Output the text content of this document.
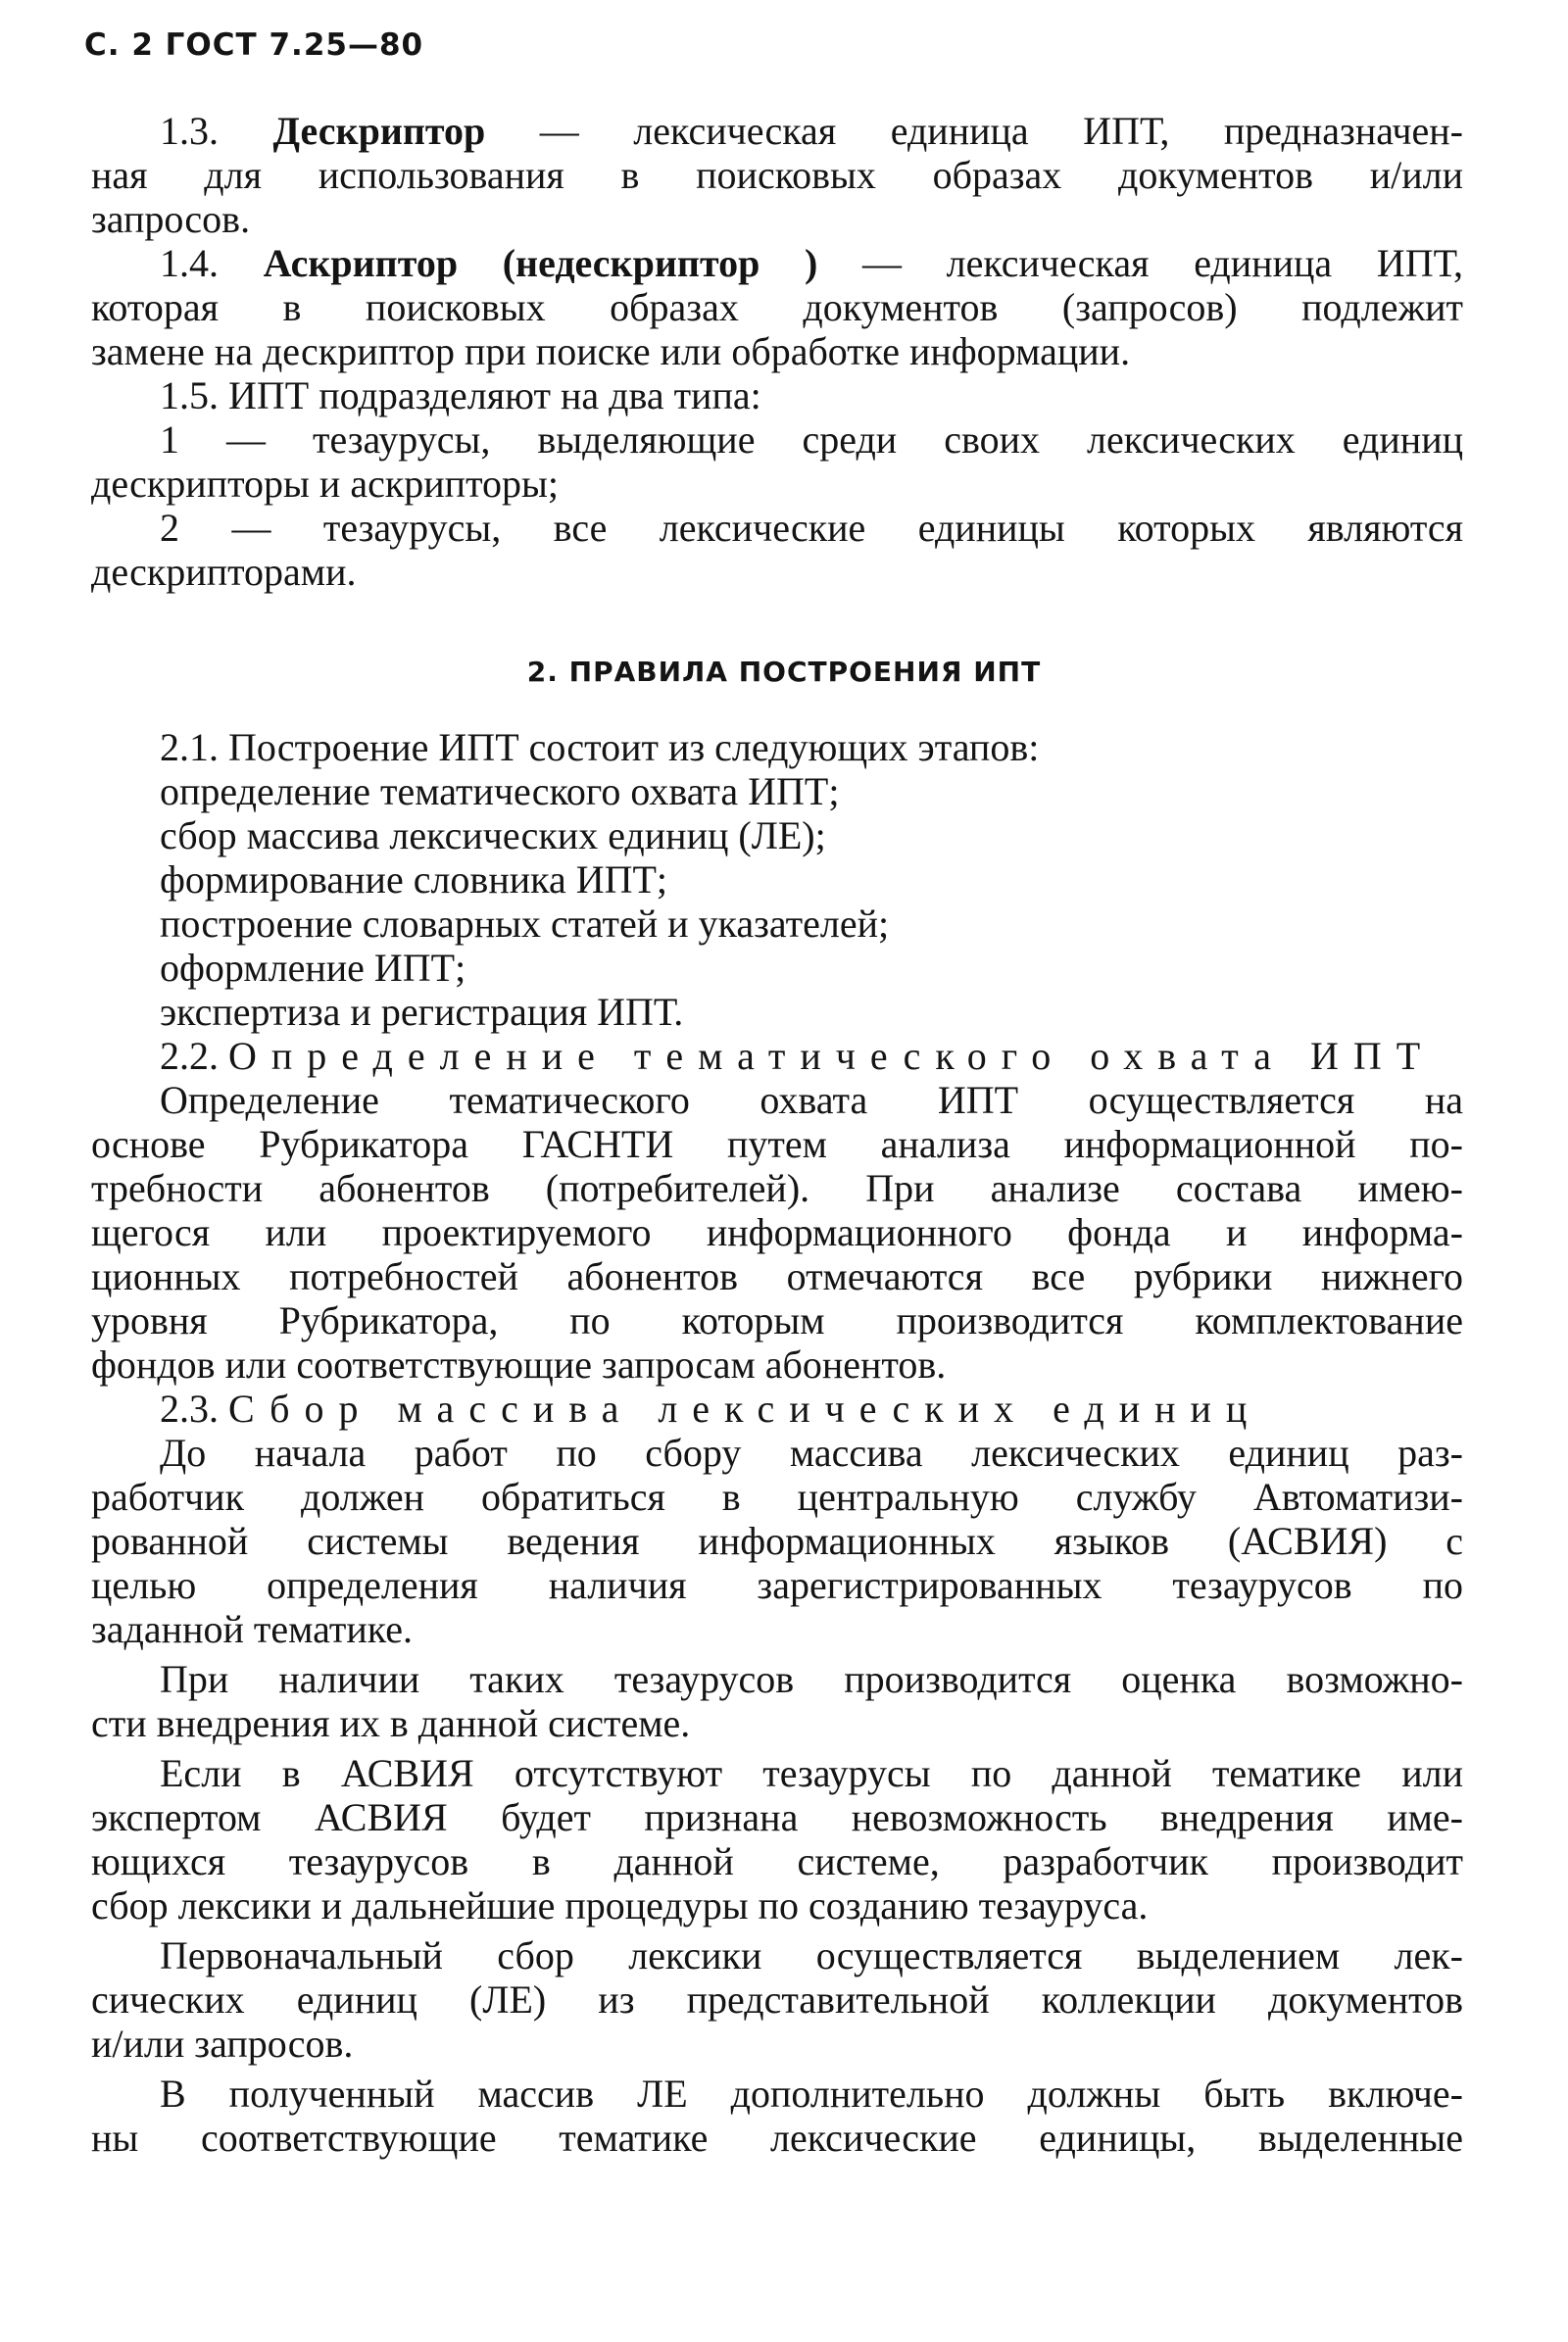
С. 2 ГОСТ 7.25—80
1.3. Дескриптор — лексическая единица ИПТ, предназначен-
ная для использования в поисковых образах документов и/или
запросов.
1.4. Аскриптор (недескриптор ) — лексическая единица ИПТ,
которая в поисковых образах документов (запросов) подлежит
замене на дескриптор при поиске или обработке информации.
1.5. ИПТ подразделяют на два типа:
1 — тезаурусы, выделяющие среди своих лексических единиц
дескрипторы и аскрипторы;
2 — тезаурусы, все лексические единицы которых являются
дескрипторами.
2. ПРАВИЛА ПОСТРОЕНИЯ ИПТ
2.1. Построение ИПТ состоит из следующих этапов:
определение тематического охвата ИПТ;
сбор массива лексических единиц (ЛЕ);
формирование словника ИПТ;
построение словарных статей и указателей;
оформление ИПТ;
экспертиза и регистрация ИПТ.
2.2. Определение тематического охвата ИПТ
Определение тематического охвата ИПТ осуществляется на
основе Рубрикатора ГАСНТИ путем анализа информационной по-
требности абонентов (потребителей). При анализе состава имею-
щегося или проектируемого информационного фонда и информа-
ционных потребностей абонентов отмечаются все рубрики нижнего
уровня Рубрикатора, по которым производится комплектование
фондов или соответствующие запросам абонентов.
2.3. Сбор массива лексических единиц
До начала работ по сбору массива лексических единиц раз-
работчик должен обратиться в центральную службу Автоматизи-
рованной системы ведения информационных языков (АСВИЯ) с
целью определения наличия зарегистрированных тезаурусов по
заданной тематике.
При наличии таких тезаурусов производится оценка возможно-
сти внедрения их в данной системе.
Если в АСВИЯ отсутствуют тезаурусы по данной тематике или
экспертом АСВИЯ будет признана невозможность внедрения име-
ющихся тезаурусов в данной системе, разработчик производит
сбор лексики и дальнейшие процедуры по созданию тезауруса.
Первоначальный сбор лексики осуществляется выделением лек-
сических единиц (ЛЕ) из представительной коллекции документов
и/или запросов.
В полученный массив ЛЕ дополнительно должны быть включе-
ны соответствующие тематике лексические единицы, выделенные
